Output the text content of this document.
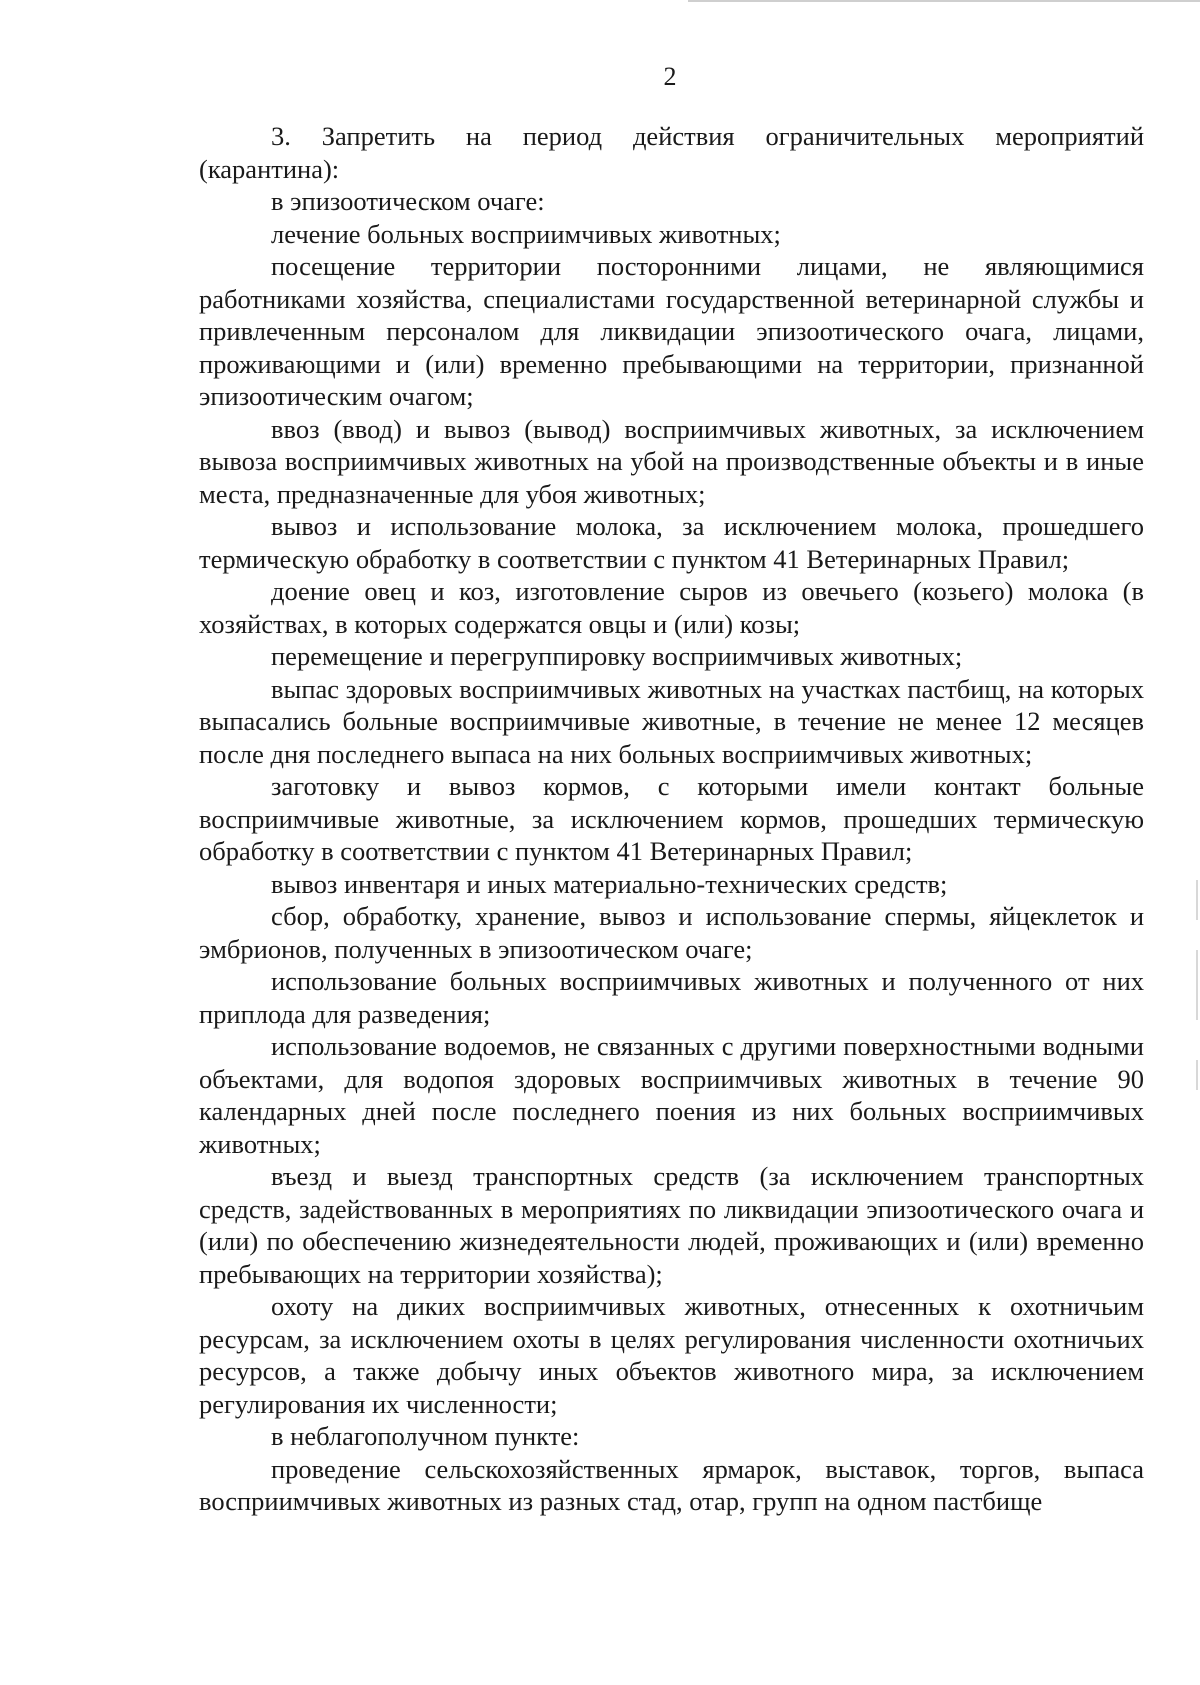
2

3. Запретить на период действия ограничительных мероприятий (карантина):

в эпизоотическом очаге:

лечение больных восприимчивых животных;

посещение территории посторонними лицами, не являющимися работниками хозяйства, специалистами государственной ветеринарной службы и привлеченным персоналом для ликвидации эпизоотического очага, лицами, проживающими и (или) временно пребывающими на территории, признанной эпизоотическим очагом;

ввоз (ввод) и вывоз (вывод) восприимчивых животных, за исключением вывоза восприимчивых животных на убой на производственные объекты и в иные места, предназначенные для убоя животных;

вывоз и использование молока, за исключением молока, прошедшего термическую обработку в соответствии с пунктом 41 Ветеринарных Правил;

доение овец и коз, изготовление сыров из овечьего (козьего) молока (в хозяйствах, в которых содержатся овцы и (или) козы;

перемещение и перегруппировку восприимчивых животных;

выпас здоровых восприимчивых животных на участках пастбищ, на которых выпасались больные восприимчивые животные, в течение не менее 12 месяцев после дня последнего выпаса на них больных восприимчивых животных;

заготовку и вывоз кормов, с которыми имели контакт больные восприимчивые животные, за исключением кормов, прошедших термическую обработку в соответствии с пунктом 41 Ветеринарных Правил;

вывоз инвентаря и иных материально-технических средств;

сбор, обработку, хранение, вывоз и использование спермы, яйцеклеток и эмбрионов, полученных в эпизоотическом очаге;

использование больных восприимчивых животных и полученного от них приплода для разведения;

использование водоемов, не связанных с другими поверхностными водными объектами, для водопоя здоровых восприимчивых животных в течение 90 календарных дней после последнего поения из них больных восприимчивых животных;

въезд и выезд транспортных средств (за исключением транспортных средств, задействованных в мероприятиях по ликвидации эпизоотического очага и (или) по обеспечению жизнедеятельности людей, проживающих и (или) временно пребывающих на территории хозяйства);

охоту на диких восприимчивых животных, отнесенных к охотничьим ресурсам, за исключением охоты в целях регулирования численности охотничьих ресурсов, а также добычу иных объектов животного мира, за исключением регулирования их численности;

в неблагополучном пункте:

проведение сельскохозяйственных ярмарок, выставок, торгов, выпаса восприимчивых животных из разных стад, отар, групп на одном пастбище
